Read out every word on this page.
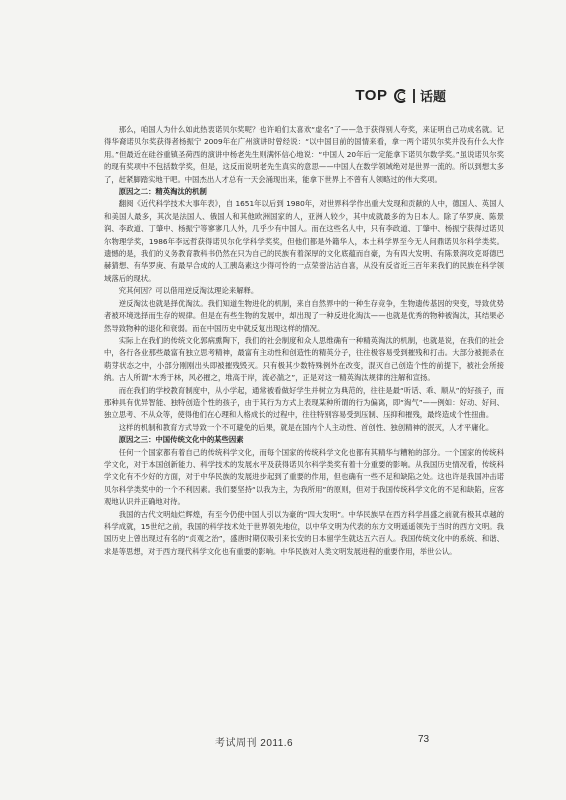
TOP	话题

那么，咱国人为什么如此热衷诺贝尔奖呢？也许咱们太喜欢“虚名”了——急于获得别人夸奖，来证明自己功成名就。记得华裔诺贝尔奖获得者杨振宁 2009年在广州演讲时曾经说：“以中国目前的国情来看，拿一两个诺贝尔奖并没有什么大作用。”但最近在硅谷重镇圣荷西的演讲中杨老先生则满怀信心地说：“中国人 20年后一定能拿下诺贝尔数学奖。”虽说诺贝尔奖的现有奖项中不包括数学奖，但是，这反而说明老先生真实的意思——中国人在数学领域绝对是世界一流的。所以到想太多了，赶紧脚踏实地干吧。中国杰出人才总有一天会涌现出来，能拿下世界上不曾有人领略过的伟大奖项。

原因之二：精英淘汰的机制

翻阅《近代科学技术大事年表》，自 1651年以后到 1980年，对世界科学作出重大发现和贡献的人中，德国人、英国人和美国人最多，其次是法国人、俄国人和其他欧洲国家的人，亚洲人较少，其中成就最多的为日本人。除了华罗庚、陈景润、李政道、丁肇中、杨振宁等寥寥几人外，几乎少有中国人。而在这些名人中，只有李政道、丁肇中、杨振宁获得过诺贝尔物理学奖，1986年李远哲获得诺贝尔化学科学奖奖，但他们都是外籍华人，本土科学界至今无人问鼎诺贝尔科学类奖。遗憾的是，我们的义务教育教科书仍然在只为自己的民族有着深厚的文化底蕴而自豪，为有四大发明、有陈景润攻克哥德巴赫猜想、有华罗庚、有最早合成的人工胰岛素这少得可怜的一点荣誉沾沾自喜，从没有反省近三百年来我们的民族在科学领域落后的现状。

究其何因？可以借用逆反淘汰理论来解释。

逆反淘汰也就是择优淘汰。我们知道生物进化的机制，来自自然界中的一种生存竞争，生物遗传基因的突变，导致优势者被环境选择而生存的规律。但是在有些生物的发展中，却出现了一种反进化淘汰——也就是优秀的物种被淘汰，其结果必然导致物种的退化和衰弱。而在中国历史中就反复出现这样的情况。

实际上在我们的传统文化郭病熏陶下，我们的社会制度和众人思维确有一种精英淘汰的机制，也就是说，在我们的社会中，各行各业那些最富有独立思考精神，最富有主动性和创造性的精英分子，往往极容易受到摧残和打击。大部分被扼杀在萌芽状态之中，小部分刚刚出头即被摧残毁灭。只有极其少数特殊例外在改变，混灭自己创造个性的前提下，被社会所接纳。古人所谓“木秀于林，风必摧之，堆高于岸，流必湍之”，正是对这一精英淘汰规律的注解和宣扬。

而在我们的学校教育制度中，从小学起，通常被看做好学生并树立为典范的，往往是最“听话、乖、顺从”的好孩子，而那种具有优异智能、独特创造个性的孩子，由于其行为方式上表现某种所谓的行为偏离，即“淘气”——例如：好动、好问、独立思考、不从众等，使得他们在心理和人格成长的过程中，往往特别容易受到压制、压抑和摧残，最终造成个性扭曲。

这样的机制和教育方式导致一个不可避免的后果，就是在国内个人主动性、首创性、独创精神的泯灭，人才平庸化。

原因之三：中国传统文化中的某些因素

任何一个国家都有着自己的传统科学文化，而每个国家的传统科学文化也都有其精华与糟粕的部分。一个国家的传统科学文化，对于本国创新能力、科学技术的发展水平及获得诺贝尔科学类奖有着十分重要的影响。从我国历史情况看，传统科学文化有不少好的方面，对于中华民族的发展进步起到了重要的作用，但也确有一些不足和缺陷之处。这也许是我国冲击诺贝尔科学类奖中的一个不利因素。我们要坚持“以我为主，为我所用”的原则，但对于我国传统科学文化的不足和缺陷，应客观地认识并正确地对待。

我国的古代文明灿烂辉煌，有至今仍使中国人引以为豪的“四大发明”。中华民族早在西方科学昌盛之前就有极其卓越的科学成就，15世纪之前，我国的科学技术处于世界领先地位，以中华文明为代表的东方文明遥遥领先于当时的西方文明。我国历史上曾出现过有名的“贞观之治”，盛唐时期仅吸引来长安的日本留学生就达五六百人。我国传统文化中的系统、和谐、求是等思想，对于西方现代科学文化也有重要的影响。中华民族对人类文明发展进程的重要作用，举世公认。

考试周刊 2011.6	73
